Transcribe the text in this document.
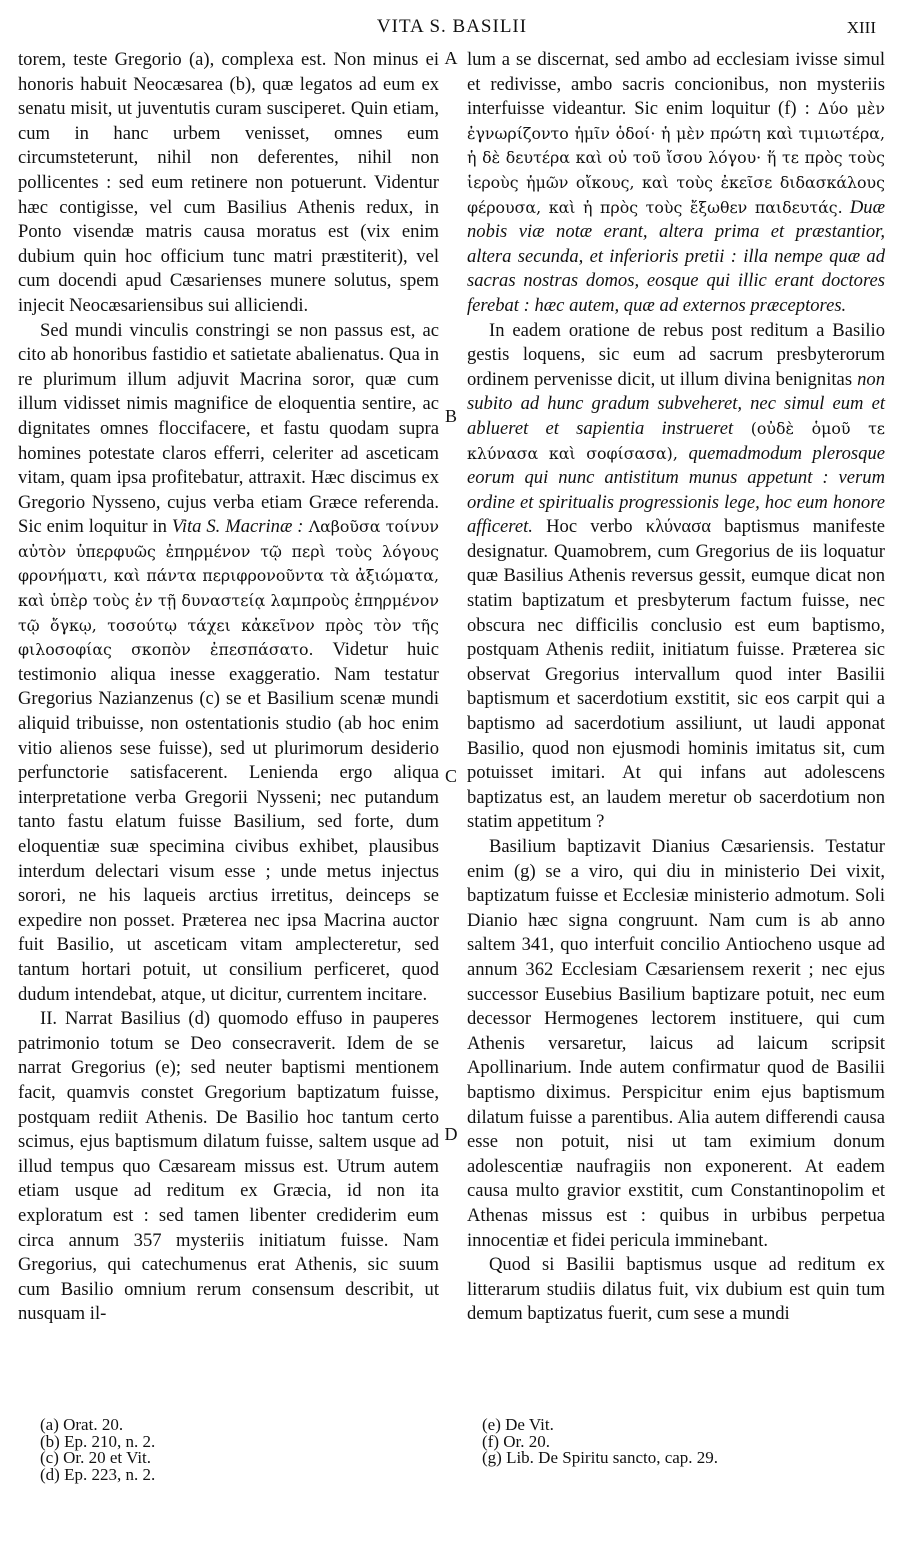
VITA S. BASILII	XIII
A
B
C
D

torem, teste Gregorio (a), complexa est. Non minus ei honoris habuit Neocæsarea (b), quæ legatos ad eum ex senatu misit, ut juventutis curam susciperet. Quin etiam, cum in hanc urbem venisset, omnes eum circumsteterunt, nihil non deferentes, nihil non pollicentes : sed eum retinere non potuerunt. Videntur hæc contigisse, vel cum Basilius Athenis redux, in Ponto visendæ matris causa moratus est (vix enim dubium quin hoc officium tunc matri præstiterit), vel cum docendi apud Cæsarienses munere solutus, spem injecit Neocæsariensibus sui alliciendi.

Sed mundi vinculis constringi se non passus est, ac cito ab honoribus fastidio et satietate abalienatus. Qua in re plurimum illum adjuvit Macrina soror, quæ cum illum vidisset nimis magnifice de eloquentia sentire, ac dignitates omnes floccifacere, et fastu quodam supra homines potestate claros efferri, celeriter ad asceticam vitam, quam ipsa profitebatur, attraxit. Hæc discimus ex Gregorio Nysseno, cujus verba etiam Græce referenda. Sic enim loquitur in Vita S. Macrinæ : Λαβοῦσα τοίνυν αὐτὸν ὑπερφυῶς ἐπηρμένον τῷ περὶ τοὺς λόγους φρονήματι, καὶ πάντα περιφρονοῦντα τὰ ἀξιώματα, καὶ ὑπὲρ τοὺς ἐν τῇ δυναστείᾳ λαμπροὺς ἐπηρμένον τῷ ὄγκῳ, τοσούτῳ τάχει κἀκεῖνον πρὸς τὸν τῆς φιλοσοφίας σκοπὸν ἐπεσπάσατο. Videtur huic testimonio aliqua inesse exaggeratio. Nam testatur Gregorius Nazianzenus (c) se et Basilium scenæ mundi aliquid tribuisse, non ostentationis studio (ab hoc enim vitio alienos sese fuisse), sed ut plurimorum desiderio perfunctorie satisfacerent. Lenienda ergo aliqua interpretatione verba Gregorii Nysseni; nec putandum tanto fastu elatum fuisse Basilium, sed forte, dum eloquentiæ suæ specimina civibus exhibet, plausibus interdum delectari visum esse ; unde metus injectus sorori, ne his laqueis arctius irretitus, deinceps se expedire non posset. Præterea nec ipsa Macrina auctor fuit Basilio, ut asceticam vitam amplecteretur, sed tantum hortari potuit, ut consilium perficeret, quod dudum intendebat, atque, ut dicitur, currentem incitare.

II. Narrat Basilius (d) quomodo effuso in pauperes patrimonio totum se Deo consecraverit. Idem de se narrat Gregorius (e); sed neuter baptismi mentionem facit, quamvis constet Gregorium baptizatum fuisse, postquam rediit Athenis. De Basilio hoc tantum certo scimus, ejus baptismum dilatum fuisse, saltem usque ad illud tempus quo Cæsaream missus est. Utrum autem etiam usque ad reditum ex Græcia, id non ita exploratum est : sed tamen libenter crediderim eum circa annum 357 mysteriis initiatum fuisse. Nam Gregorius, qui catechumenus erat Athenis, sic suum cum Basilio omnium rerum consensum describit, ut nusquam il-

lum a se discernat, sed ambo ad ecclesiam ivisse simul et redivisse, ambo sacris concionibus, non mysteriis interfuisse videantur. Sic enim loquitur (f) : Δύο μὲν ἐγνωρίζοντο ἡμῖν ὁδοί· ἡ μὲν πρώτη καὶ τιμιωτέρα, ἡ δὲ δευτέρα καὶ οὐ τοῦ ἴσου λόγου· ἥ τε πρὸς τοὺς ἱεροὺς ἡμῶν οἴκους, καὶ τοὺς ἐκεῖσε διδασκάλους φέρουσα, καὶ ἡ πρὸς τοὺς ἔξωθεν παιδευτάς. Duæ nobis viæ notæ erant, altera prima et præstantior, altera secunda, et inferioris pretii : illa nempe quæ ad sacras nostras domos, eosque qui illic erant doctores ferebat : hæc autem, quæ ad externos præceptores.

In eadem oratione de rebus post reditum a Basilio gestis loquens, sic eum ad sacrum presbyterorum ordinem pervenisse dicit, ut illum divina benignitas non subito ad hunc gradum subveheret, nec simul eum et ablueret et sapientia instrueret (οὐδὲ ὁμοῦ τε κλύνασα καὶ σοφίσασα), quemadmodum plerosque eorum qui nunc antistitum munus appetunt : verum ordine et spiritualis progressionis lege, hoc eum honore afficeret. Hoc verbo κλύνασα baptismus manifeste designatur. Quamobrem, cum Gregorius de iis loquatur quæ Basilius Athenis reversus gessit, eumque dicat non statim baptizatum et presbyterum factum fuisse, nec obscura nec difficilis conclusio est eum baptismo, postquam Athenis rediit, initiatum fuisse. Præterea sic observat Gregorius intervallum quod inter Basilii baptismum et sacerdotium exstitit, sic eos carpit qui a baptismo ad sacerdotium assiliunt, ut laudi apponat Basilio, quod non ejusmodi hominis imitatus sit, cum potuisset imitari. At qui infans aut adolescens baptizatus est, an laudem meretur ob sacerdotium non statim appetitum ?

Basilium baptizavit Dianius Cæsariensis. Testatur enim (g) se a viro, qui diu in ministerio Dei vixit, baptizatum fuisse et Ecclesiæ ministerio admotum. Soli Dianio hæc signa congruunt. Nam cum is ab anno saltem 341, quo interfuit concilio Antiocheno usque ad annum 362 Ecclesiam Cæsariensem rexerit ; nec ejus successor Eusebius Basilium baptizare potuit, nec eum decessor Hermogenes lectorem instituere, qui cum Athenis versaretur, laicus ad laicum scripsit Apollinarium. Inde autem confirmatur quod de Basilii baptismo diximus. Perspicitur enim ejus baptismum dilatum fuisse a parentibus. Alia autem differendi causa esse non potuit, nisi ut tam eximium donum adolescentiæ naufragiis non exponerent. At eadem causa multo gravior exstitit, cum Constantinopolim et Athenas missus est : quibus in urbibus perpetua innocentiæ et fidei pericula imminebant.

Quod si Basilii baptismus usque ad reditum ex litterarum studiis dilatus fuit, vix dubium est quin tum demum baptizatus fuerit, cum sese a mundi

(a) Orat. 20.
(b) Ep. 210, n. 2.
(c) Or. 20 et Vit.
(d) Ep. 223, n. 2.
(e) De Vit.
(f) Or. 20.
(g) Lib. De Spiritu sancto, cap. 29.
